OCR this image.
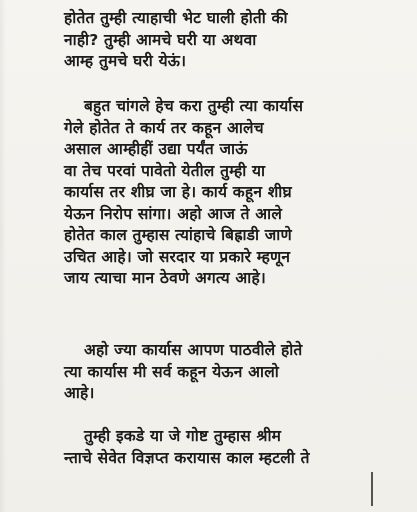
होतेत तुम्ही त्याहाची भेट घाली होती की
नाही? तुम्ही आमचे घरी या अथवा
आम्ह तुमचे घरी येऊं।
बहुत चांगले हेच करा तुम्ही त्या कार्यास
गेले होतेत ते कार्य तर कहून आलेच
असाल आम्हीहीं उद्या पर्यंत जाऊं
वा तेच परवां पावेतो येतील तुम्ही या
कार्यास तर शीघ्र जा हे। कार्य कहून शीघ्र
येऊन निरोप सांगा। अहो आज ते आले
होतेत काल तुम्हास त्यांहाचे बिह्राडी जाणे
उचित आहे। जो सरदार या प्रकारे म्हणून
जाय त्याचा मान ठेवणे अगत्य आहे।
अहो ज्या कार्यास आपण पाठवीले होते
त्या कार्यास मी सर्व कहून येऊन आलो
आहे।
तुम्ही इकडे या जे गोष्ट तुम्हास श्रीम
न्ताचे सेवेत विज्ञप्त करायास काल म्हटली ते
